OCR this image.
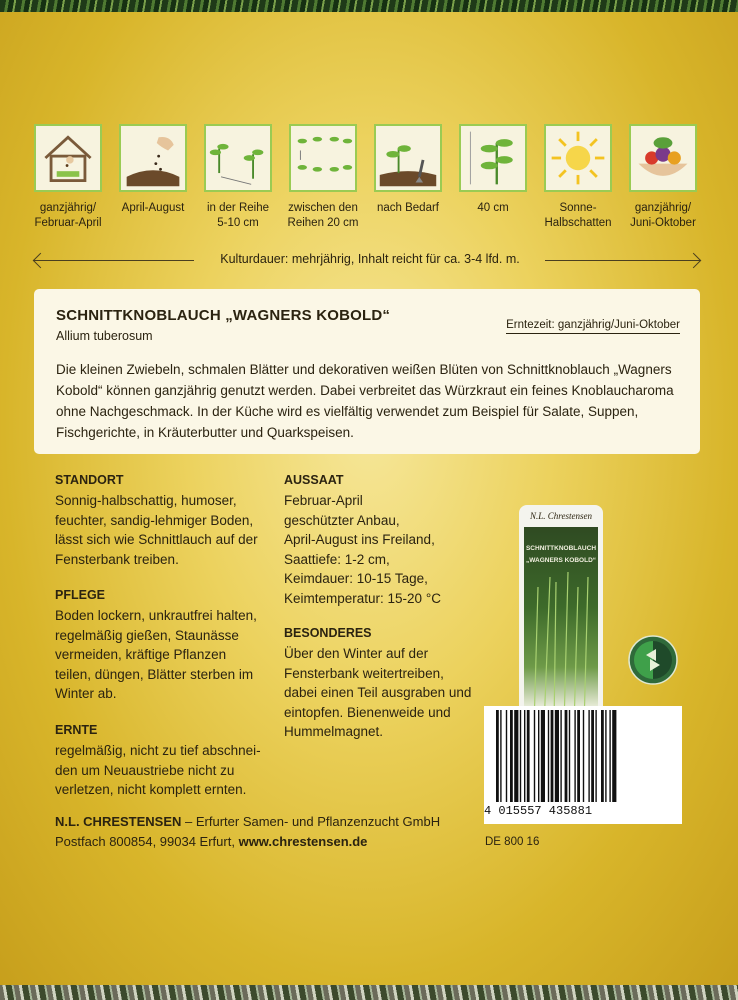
ganzjährig/
Februar-April
April-August	in der Reihe
5-10 cm
zwischen den
Reihen 20 cm
nach Bedarf	40 cm	Sonne-
Halbschatten
ganzjährig/
Juni-Oktober
Kulturdauer: mehrjährig, Inhalt reicht für ca. 3-4 lfd. m.
SCHNITTKNOBLAUCH „WAGNERS KOBOLD“
Allium tuberosum
Erntezeit: ganzjährig/Juni-Oktober
Die kleinen Zwiebeln, schmalen Blätter und dekorativen weißen Blüten von Schnittknoblauch „Wagners Kobold“ können ganzjährig genutzt werden. Dabei verbreitet das Würzkraut ein feines Knoblaucharoma ohne Nachgeschmack. In der Küche wird es vielfältig verwendet zum Beispiel für Salate, Suppen, Fischgerichte, in Kräuterbutter und Quarkspeisen.
STANDORT
Sonnig-halbschattig, humoser,
feuchter, sandig-lehmiger Boden,
lässt sich wie Schnittlauch auf der
Fensterbank treiben.
PFLEGE
Boden lockern, unkrautfrei halten,
regelmäßig gießen, Staunässe
vermeiden, kräftige Pflanzen
teilen, düngen, Blätter sterben im
Winter ab.
ERNTE
regelmäßig, nicht zu tief abschnei-
den um Neuaustriebe nicht zu
verletzen, nicht komplett ernten.
AUSSAAT
Februar-April
geschützter Anbau,
April-August ins Freiland,
Saattiefe: 1-2 cm,
Keimdauer: 10-15 Tage,
Keimtemperatur: 15-20 °C
BESONDERES
Über den Winter auf der
Fensterbank weitertreiben,
dabei einen Teil ausgraben und
eintopfen. Bienenweide und
Hummelmagnet.
N.L. Chrestensen
SCHNITTKNOBLAUCH
„WAGNERS KOBOLD“
4 015557 435881
N.L. CHRESTENSEN – Erfurter Samen- und Pflanzenzucht GmbH
Postfach 800854, 99034 Erfurt, www.chrestensen.de	DE 800 16
